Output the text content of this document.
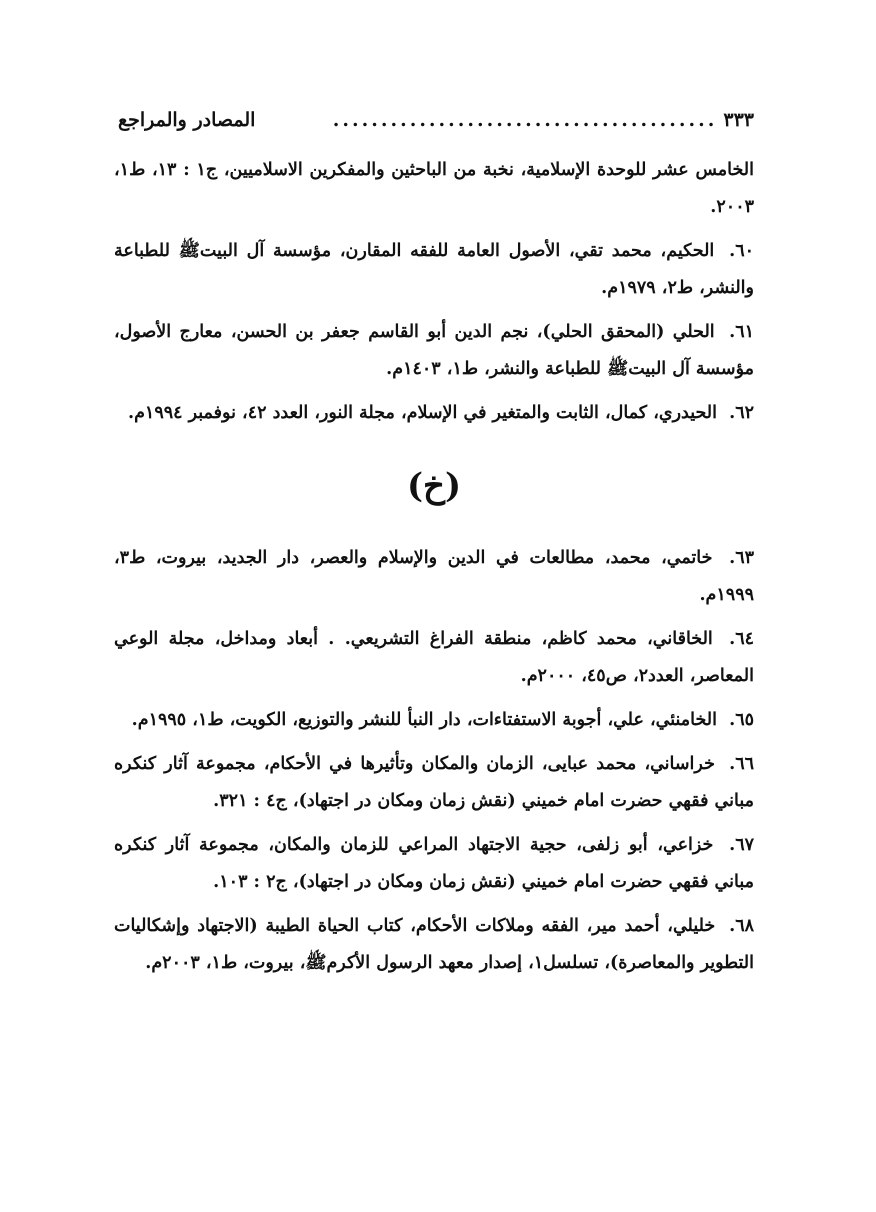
المصادر والمراجع	........................................ ٣٣٣

الخامس عشر للوحدة الإسلامية، نخبة من الباحثين والمفكرين الاسلاميين، ج١ : ١٣، ط١، ٢٠٠٣.

٦٠. الحكيم، محمد تقي، الأصول العامة للفقه المقارن، مؤسسة آل البيتﷺ للطباعة والنشر، ط٢، ١٩٧٩م.

٦١. الحلي (المحقق الحلي)، نجم الدين أبو القاسم جعفر بن الحسن، معارج الأصول، مؤسسة آل البيتﷺ للطباعة والنشر، ط١، ١٤٠٣م.

٦٢. الحيدري، كمال، الثابت والمتغير في الإسلام، مجلة النور، العدد ٤٢، نوفمبر ١٩٩٤م.

(خ)

٦٣. خاتمي، محمد، مطالعات في الدين والإسلام والعصر، دار الجديد، بيروت، ط٣، ١٩٩٩م.

٦٤. الخاقاني، محمد كاظم، منطقة الفراغ التشريعي. . أبعاد ومداخل، مجلة الوعي المعاصر، العدد٢، ص٤٥، ٢٠٠٠م.

٦٥. الخامنئي، علي، أجوبة الاستفتاءات، دار النبأ للنشر والتوزيع، الكويت، ط١، ١٩٩٥م.

٦٦. خراساني، محمد عبايى، الزمان والمكان وتأثيرها في الأحكام، مجموعة آثار كنكره مباني فقهي حضرت امام خميني (نقش زمان ومكان در اجتهاد)، ج٤ : ٣٢١.

٦٧. خزاعي، أبو زلفى، حجية الاجتهاد المراعي للزمان والمكان، مجموعة آثار كنكره مباني فقهي حضرت امام خميني (نقش زمان ومكان در اجتهاد)، ج٢ : ١٠٣.

٦٨. خليلي، أحمد مير، الفقه وملاكات الأحكام، كتاب الحياة الطيبة (الاجتهاد وإشكاليات التطوير والمعاصرة)، تسلسل١، إصدار معهد الرسول الأكرمﷺ، بيروت، ط١، ٢٠٠٣م.
